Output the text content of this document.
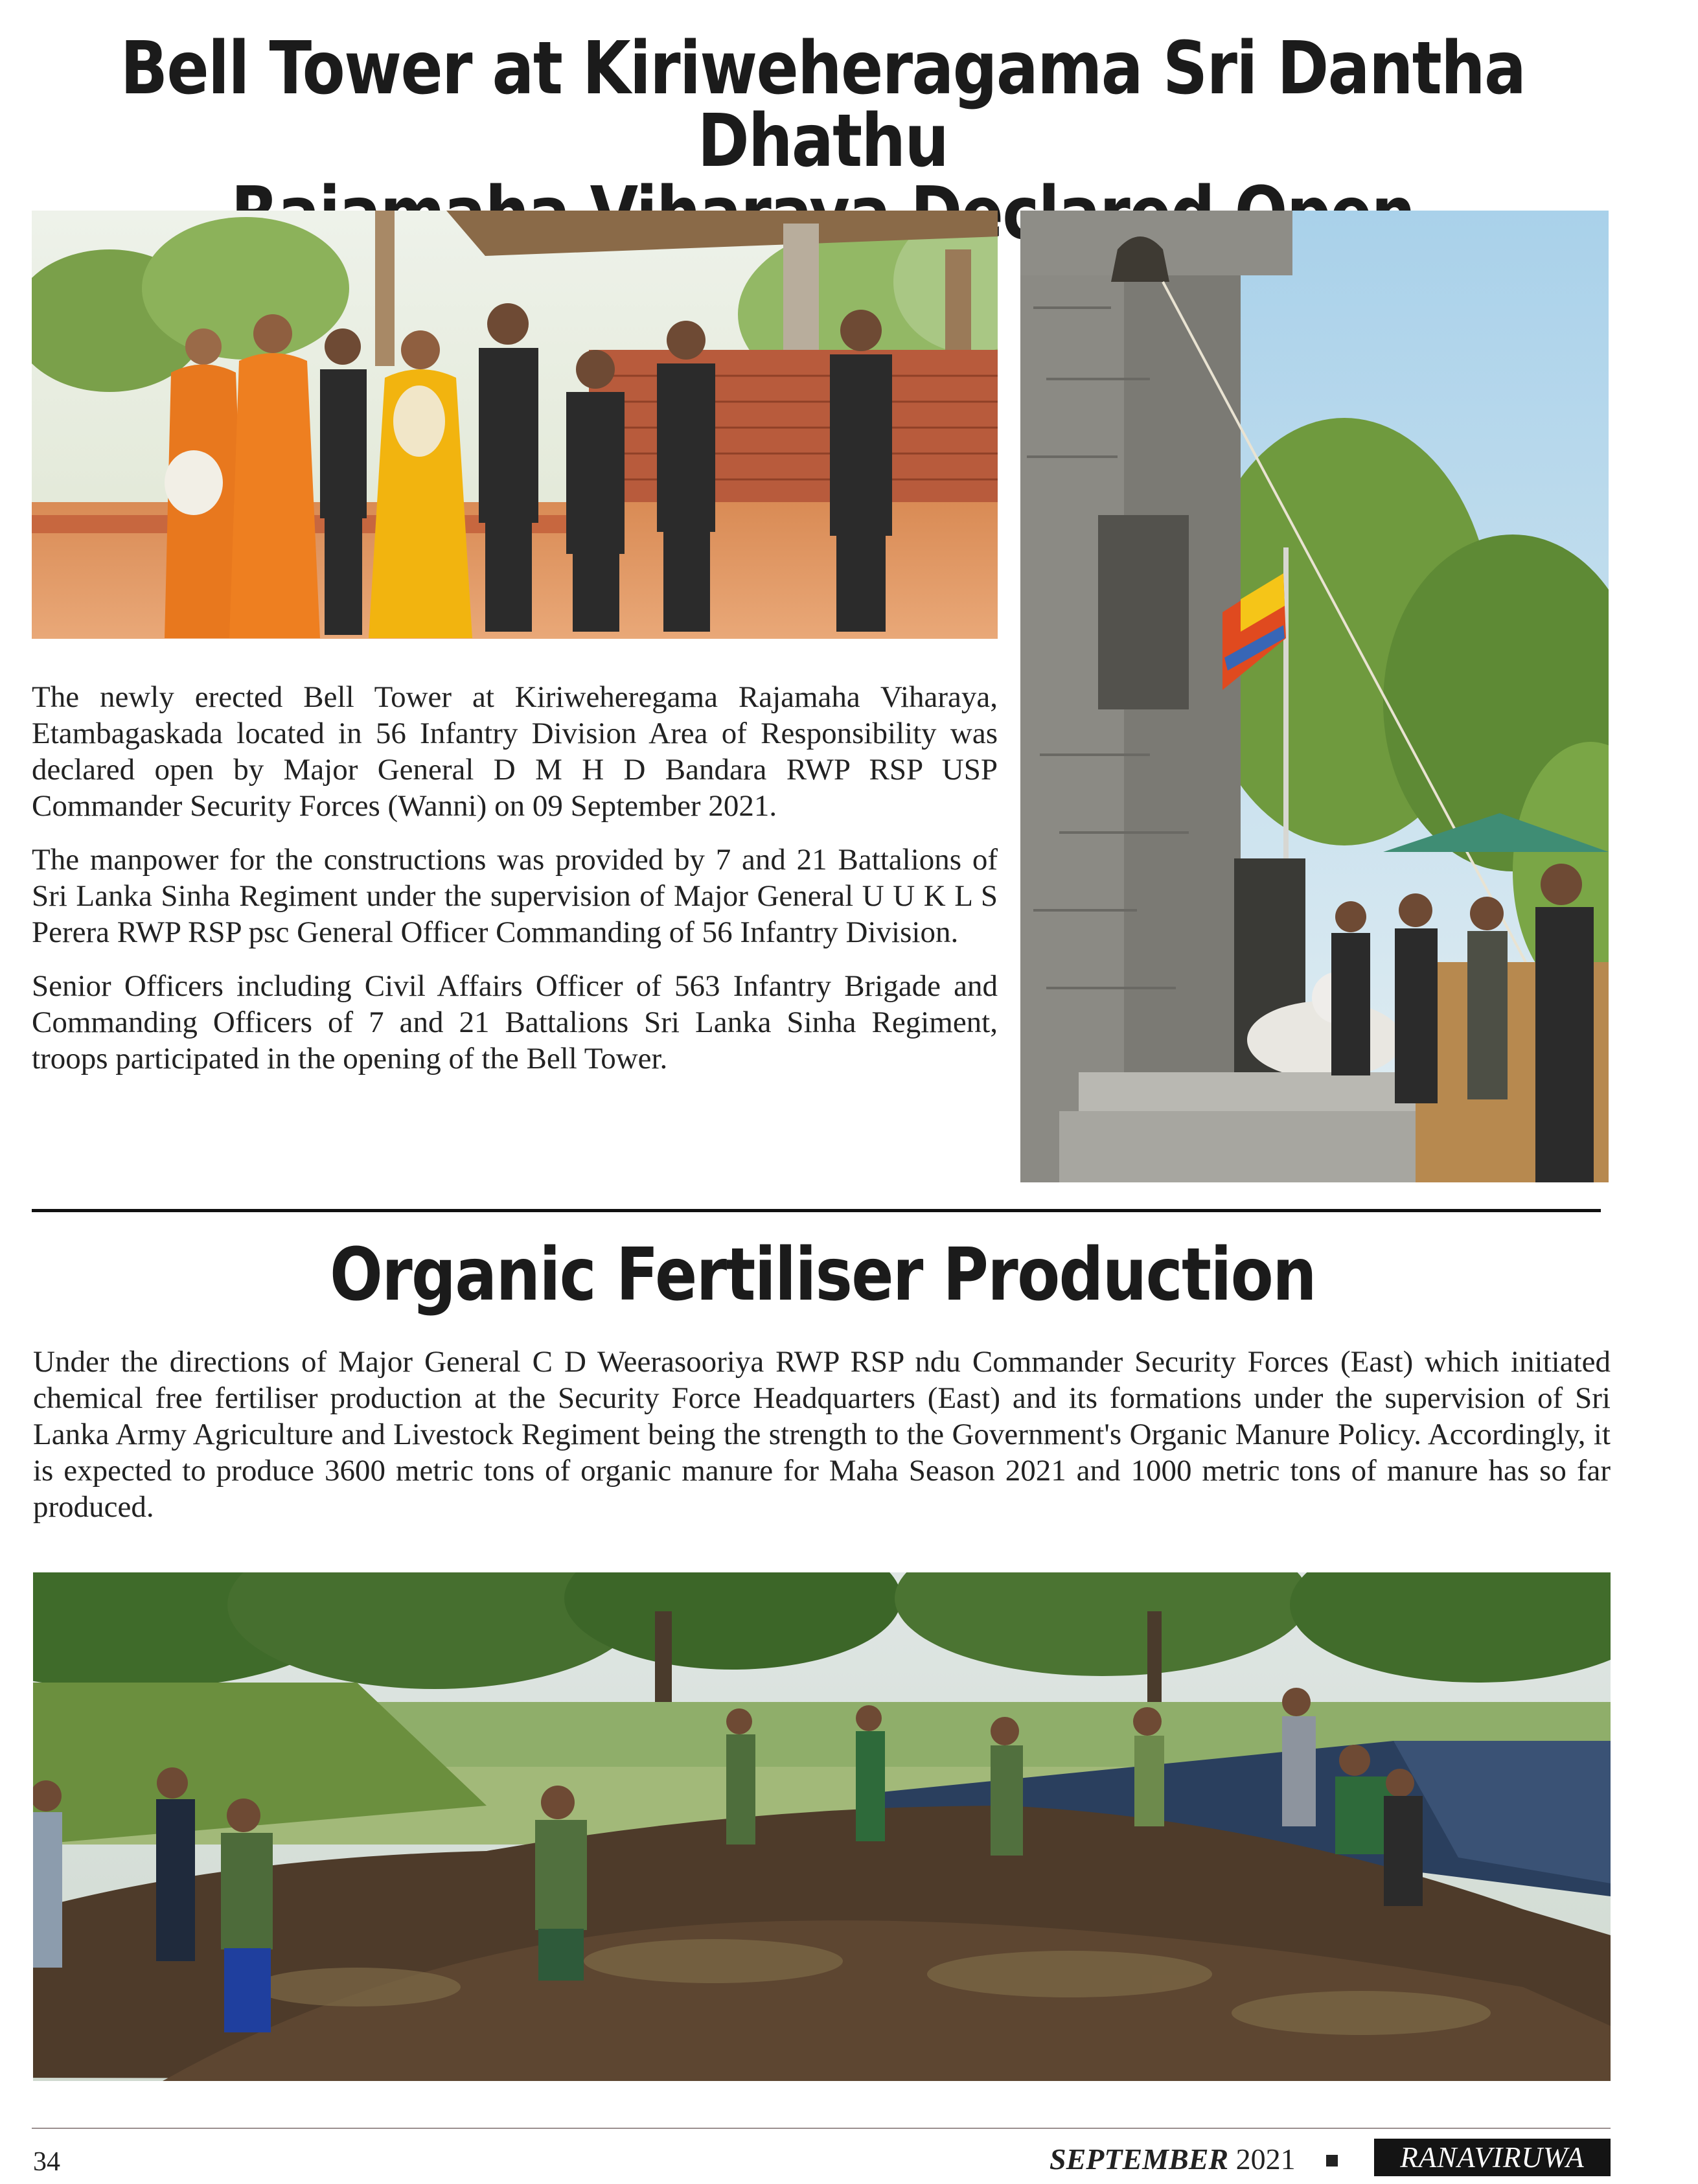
Bell Tower at Kiriweheragama Sri Dantha Dhathu

The newly erected Bell Tower at Kiriweheregama Rajamaha Viharaya, Etambagaskada located in 56 Infantry Division Area of Responsibility was declared open by Major General D M H D Bandara RWP RSP USP Commander Security Forces (Wanni) on 09 September 2021.

The manpower for the constructions was provided by 7 and 21 Battalions of Sri Lanka Sinha Regiment under the supervision of Major General U U K L S Perera RWP RSP psc General Officer Commanding of 56 Infantry Division.

Senior Officers including Civil Affairs Officer of 563 Infantry Brigade and Commanding Officers of 7 and 21 Battalions Sri Lanka Sinha Regiment, troops participated in the opening of the Bell Tower.

Organic Fertiliser Production

Under the directions of Major General C D Weerasooriya RWP RSP ndu Commander Security Forces (East) which initiated chemical free fertiliser production at the Security Force Headquarters (East) and its formations under the supervision of Sri Lanka Army Agriculture and Livestock Regiment being the strength to the Government's Organic Manure Policy. Accordingly, it is expected to produce 3600 metric tons of organic manure for Maha Season 2021 and 1000 metric tons of manure has so far produced.

34	SEPTEMBER 2021	RANAVIRUWA
